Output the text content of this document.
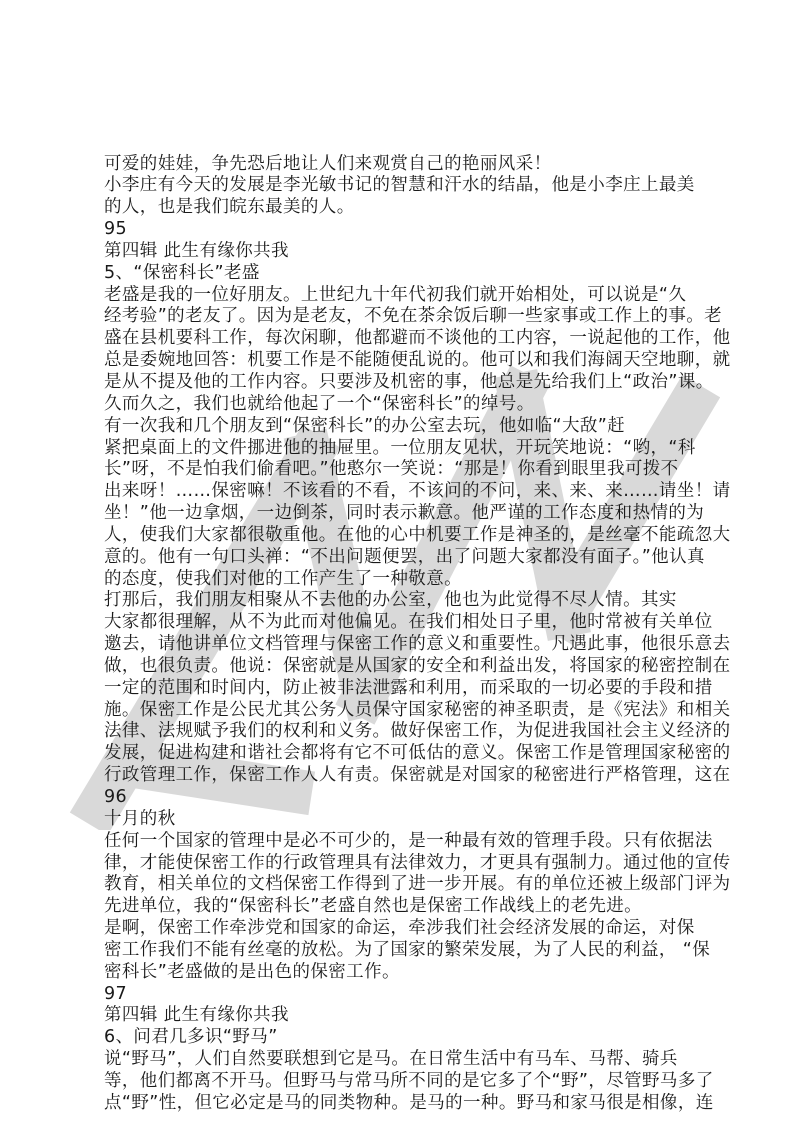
可爱的娃娃，争先恐后地让人们来观赏自己的艳丽风采！
小李庄有今天的发展是李光敏书记的智慧和汗水的结晶，他是小李庄上最美
的人，也是我们皖东最美的人。
95
第四辑 此生有缘你共我
5、“保密科长”老盛
老盛是我的一位好朋友。上世纪九十年代初我们就开始相处，可以说是“久
经考验”的老友了。因为是老友，不免在茶余饭后聊一些家事或工作上的事。老
盛在县机要科工作，每次闲聊，他都避而不谈他的工内容，一说起他的工作，他
总是委婉地回答：机要工作是不能随便乱说的。他可以和我们海阔天空地聊，就
是从不提及他的工作内容。只要涉及机密的事，他总是先给我们上“政治”课。
久而久之，我们也就给他起了一个“保密科长”的绰号。
有一次我和几个朋友到“保密科长”的办公室去玩，他如临“大敌”赶
紧把桌面上的文件挪进他的抽屉里。一位朋友见状，开玩笑地说：“哟，“科
长”呀，不是怕我们偷看吧。”他憨尔一笑说：“那是！你看到眼里我可拨不
出来呀！……保密嘛！不该看的不看，不该问的不问，来、来、来……请坐！请
坐！”他一边拿烟，一边倒茶，同时表示歉意。他严谨的工作态度和热情的为
人，使我们大家都很敬重他。在他的心中机要工作是神圣的，是丝毫不能疏忽大
意的。他有一句口头禅：“不出问题便罢，出了问题大家都没有面子。”他认真
的态度，使我们对他的工作产生了一种敬意。
打那后，我们朋友相聚从不去他的办公室，他也为此觉得不尽人情。其实
大家都很理解，从不为此而对他偏见。在我们相处日子里，他时常被有关单位
邀去，请他讲单位文档管理与保密工作的意义和重要性。凡遇此事，他很乐意去
做，也很负责。他说：保密就是从国家的安全和利益出发，将国家的秘密控制在
一定的范围和时间内，防止被非法泄露和利用，而采取的一切必要的手段和措
施。保密工作是公民尤其公务人员保守国家秘密的神圣职责，是《宪法》和相关
法律、法规赋予我们的权利和义务。做好保密工作，为促进我国社会主义经济的
发展，促进构建和谐社会都将有它不可低估的意义。保密工作是管理国家秘密的
行政管理工作，保密工作人人有责。保密就是对国家的秘密进行严格管理，这在
96
十月的秋
任何一个国家的管理中是必不可少的，是一种最有效的管理手段。只有依据法
律，才能使保密工作的行政管理具有法律效力，才更具有强制力。通过他的宣传
教育，相关单位的文档保密工作得到了进一步开展。有的单位还被上级部门评为
先进单位，我的“保密科长”老盛自然也是保密工作战线上的老先进。
是啊，保密工作牵涉党和国家的命运，牵涉我们社会经济发展的命运，对保
密工作我们不能有丝毫的放松。为了国家的繁荣发展，为了人民的利益， “保
密科长”老盛做的是出色的保密工作。
97
第四辑 此生有缘你共我
6、问君几多识“野马”
说“野马”，人们自然要联想到它是马。在日常生活中有马车、马帮、骑兵
等，他们都离不开马。但野马与常马所不同的是它多了个“野”，尽管野马多了
点“野”性，但它必定是马的同类物种。是马的一种。野马和家马很是相像，连
